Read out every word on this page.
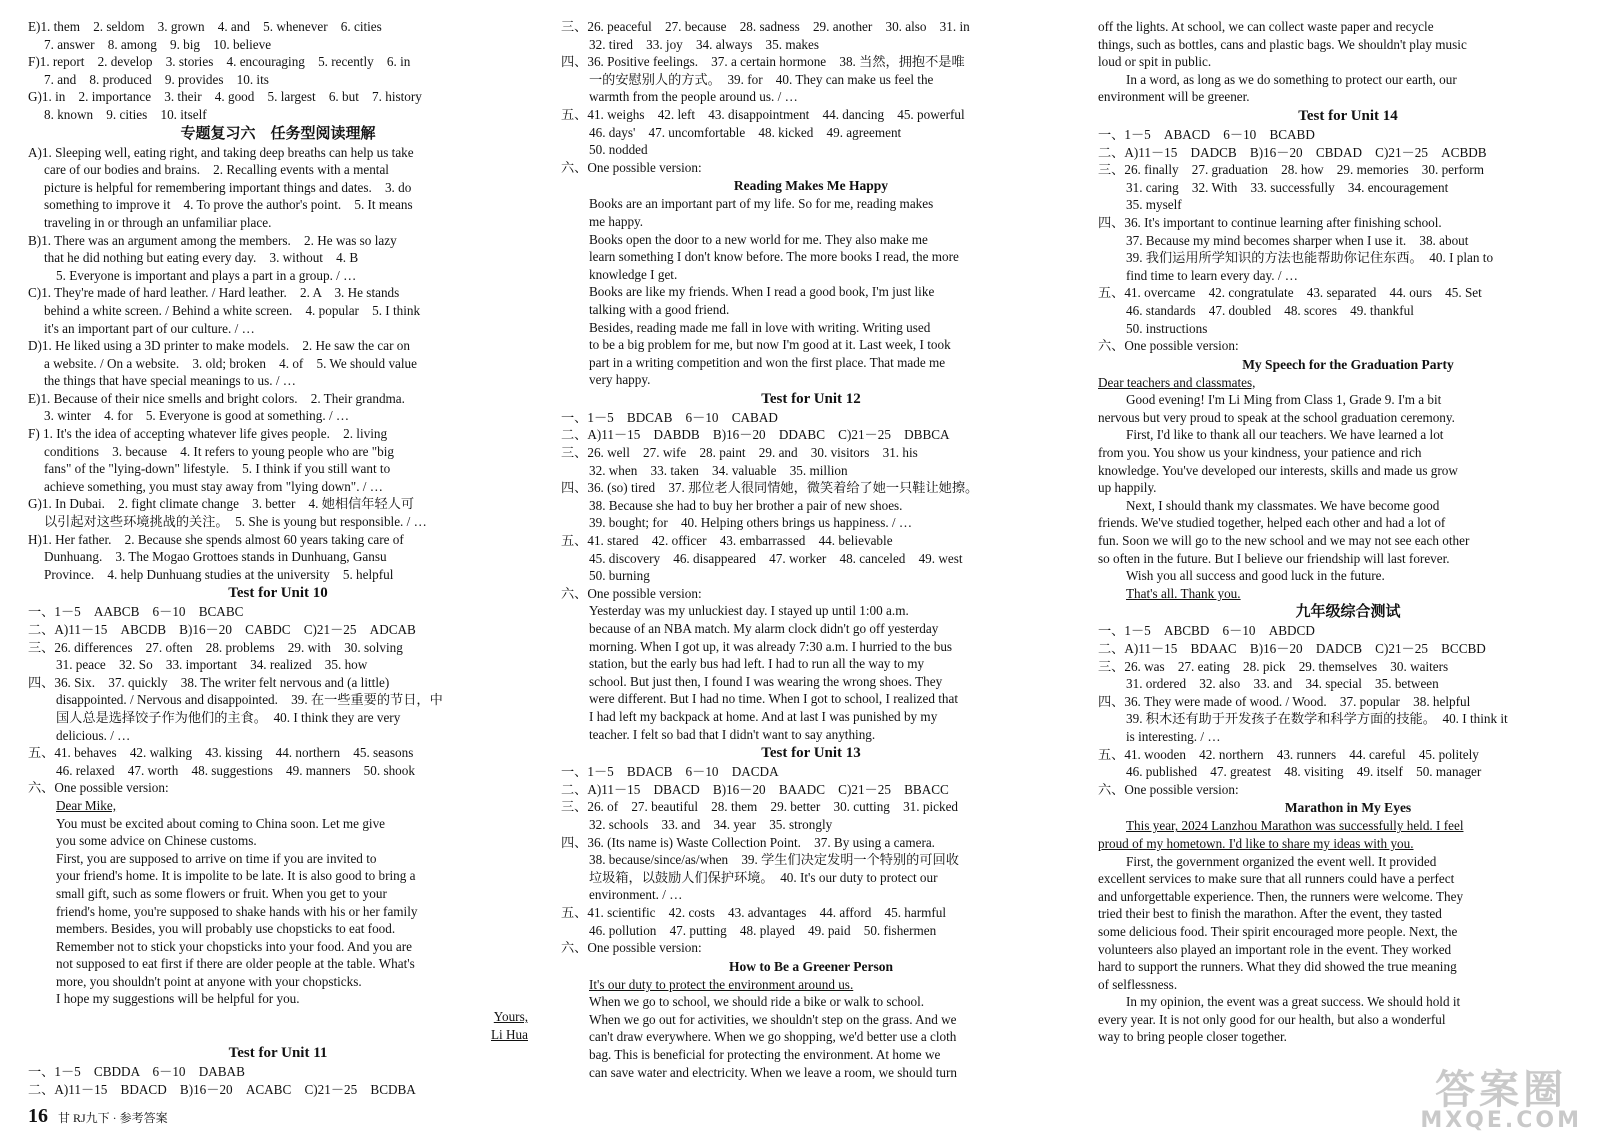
E)1. them　2. seldom　3. grown　4. and　5. whenever　6. cities
7. answer　8. among　9. big　10. believe
F)1. report　2. develop　3. stories　4. encouraging　5. recently　6. in
7. and　8. produced　9. provides　10. its
G)1. in　2. importance　3. their　4. good　5. largest　6. but　7. history
8. known　9. cities　10. itself
专题复习六　任务型阅读理解
A)1. Sleeping well, eating right, and taking deep breaths can help us take
care of our bodies and brains.　2. Recalling events with a mental
picture is helpful for remembering important things and dates.　3. do
something to improve it　4. To prove the author's point.　5. It means
traveling in or through an unfamiliar place.
B)1. There was an argument among the members.　2. He was so lazy
that he did nothing but eating every day.　3. without　4. B
5. Everyone is important and plays a part in a group. / …
C)1. They're made of hard leather. / Hard leather.　2. A　3. He stands
behind a white screen. / Behind a white screen.　4. popular　5. I think
it's an important part of our culture. / …
D)1. He liked using a 3D printer to make models.　2. He saw the car on
a website. / On a website.　3. old; broken　4. of　5. We should value
the things that have special meanings to us. / …
E)1. Because of their nice smells and bright colors.　2. Their grandma.
3. winter　4. for　5. Everyone is good at something. / …
F) 1. It's the idea of accepting whatever life gives people.　2. living
conditions　3. because　4. It refers to young people who are "big
fans" of the "lying-down" lifestyle.　5. I think if you still want to
achieve something, you must stay away from "lying down". / …
G)1. In Dubai.　2. fight climate change　3. better　4. 她相信年轻人可
以引起对这些环境挑战的关注。　5. She is young but responsible. / …
H)1. Her father.　2. Because she spends almost 60 years taking care of
Dunhuang.　3. The Mogao Grottoes stands in Dunhuang, Gansu
Province.　4. help Dunhuang studies at the university　5. helpful
Test for Unit 10
一、1－5　AABCB　6－10　BCABC
二、A)11－15　ABCDB　B)16－20　CABDC　C)21－25　ADCAB
三、26. differences　27. often　28. problems　29. with　30. solving
31. peace　32. So　33. important　34. realized　35. how
四、36. Six.　37. quickly　38. The writer felt nervous and (a little)
disappointed. / Nervous and disappointed.　39. 在一些重要的节日，中
国人总是选择饺子作为他们的主食。　40. I think they are very
delicious. / …
五、41. behaves　42. walking　43. kissing　44. northern　45. seasons
46. relaxed　47. worth　48. suggestions　49. manners　50. shook
六、One possible version:
Dear Mike,
You must be excited about coming to China soon. Let me give
you some advice on Chinese customs.
First, you are supposed to arrive on time if you are invited to
your friend's home. It is impolite to be late. It is also good to bring a
small gift, such as some flowers or fruit. When you get to your
friend's home, you're supposed to shake hands with his or her family
members. Besides, you will probably use chopsticks to eat food.
Remember not to stick your chopsticks into your food. And you are
not supposed to eat first if there are older people at the table. What's
more, you shouldn't point at anyone with your chopsticks.
I hope my suggestions will be helpful for you.
Yours,
Li Hua
Test for Unit 11
一、1－5　CBDDA　6－10　DABAB
二、A)11－15　BDACD　B)16－20　ACABC　C)21－25　BCDBA
三、26. peaceful　27. because　28. sadness　29. another　30. also　31. in
32. tired　33. joy　34. always　35. makes
四、36. Positive feelings.　37. a certain hormone　38. 当然，拥抱不是唯
一的安慰别人的方式。　39. for　40. They can make us feel the
warmth from the people around us. / …
五、41. weighs　42. left　43. disappointment　44. dancing　45. powerful
46. days'　47. uncomfortable　48. kicked　49. agreement
50. nodded
六、One possible version:
Reading Makes Me Happy
Books are an important part of my life. So for me, reading makes
me happy.
Books open the door to a new world for me. They also make me
learn something I don't know before. The more books I read, the more
knowledge I get.
Books are like my friends. When I read a good book, I'm just like
talking with a good friend.
Besides, reading made me fall in love with writing. Writing used
to be a big problem for me, but now I'm good at it. Last week, I took
part in a writing competition and won the first place. That made me
very happy.
Test for Unit 12
一、1－5　BDCAB　6－10　CABAD
二、A)11－15　DABDB　B)16－20　DDABC　C)21－25　DBBCA
三、26. well　27. wife　28. paint　29. and　30. visitors　31. his
32. when　33. taken　34. valuable　35. million
四、36. (so) tired　37. 那位老人很同情她，微笑着给了她一只鞋让她擦。
38. Because she had to buy her brother a pair of new shoes.
39. bought; for　40. Helping others brings us happiness. / …
五、41. stared　42. officer　43. embarrassed　44. believable
45. discovery　46. disappeared　47. worker　48. canceled　49. west
50. burning
六、One possible version:
Yesterday was my unluckiest day. I stayed up until 1:00 a.m.
because of an NBA match. My alarm clock didn't go off yesterday
morning. When I got up, it was already 7:30 a.m. I hurried to the bus
station, but the early bus had left. I had to run all the way to my
school. But just then, I found I was wearing the wrong shoes. They
were different. But I had no time. When I got to school, I realized that
I had left my backpack at home. And at last I was punished by my
teacher. I felt so bad that I didn't want to say anything.
Test for Unit 13
一、1－5　BDACB　6－10　DACDA
二、A)11－15　DBACD　B)16－20　BAADC　C)21－25　BBACC
三、26. of　27. beautiful　28. them　29. better　30. cutting　31. picked
32. schools　33. and　34. year　35. strongly
四、36. (Its name is) Waste Collection Point.　37. By using a camera.
38. because/since/as/when　39. 学生们决定发明一个特别的可回收
垃圾箱，以鼓励人们保护环境。　40. It's our duty to protect our
environment. / …
五、41. scientific　42. costs　43. advantages　44. afford　45. harmful
46. pollution　47. putting　48. played　49. paid　50. fishermen
六、One possible version:
How to Be a Greener Person
It's our duty to protect the environment around us.
When we go to school, we should ride a bike or walk to school.
When we go out for activities, we shouldn't step on the grass. And we
can't draw everywhere. When we go shopping, we'd better use a cloth
bag. This is beneficial for protecting the environment. At home we
can save water and electricity. When we leave a room, we should turn
off the lights. At school, we can collect waste paper and recycle
things, such as bottles, cans and plastic bags. We shouldn't play music
loud or spit in public.
In a word, as long as we do something to protect our earth, our
environment will be greener.
Test for Unit 14
一、1－5　ABACD　6－10　BCABD
二、A)11－15　DADCB　B)16－20　CBDAD　C)21－25　ACBDB
三、26. finally　27. graduation　28. how　29. memories　30. perform
31. caring　32. With　33. successfully　34. encouragement
35. myself
四、36. It's important to continue learning after finishing school.
37. Because my mind becomes sharper when I use it.　38. about
39. 我们运用所学知识的方法也能帮助你记住东西。　40. I plan to
find time to learn every day. / …
五、41. overcame　42. congratulate　43. separated　44. ours　45. Set
46. standards　47. doubled　48. scores　49. thankful
50. instructions
六、One possible version:
My Speech for the Graduation Party
Dear teachers and classmates,
Good evening! I'm Li Ming from Class 1, Grade 9. I'm a bit
nervous but very proud to speak at the school graduation ceremony.
First, I'd like to thank all our teachers. We have learned a lot
from you. You show us your kindness, your patience and rich
knowledge. You've developed our interests, skills and made us grow
up happily.
Next, I should thank my classmates. We have become good
friends. We've studied together, helped each other and had a lot of
fun. Soon we will go to the new school and we may not see each other
so often in the future. But I believe our friendship will last forever.
Wish you all success and good luck in the future.
That's all. Thank you.
九年级综合测试
一、1－5　ABCBD　6－10　ABDCD
二、A)11－15　BDAAC　B)16－20　DADCB　C)21－25　BCCBD
三、26. was　27. eating　28. pick　29. themselves　30. waiters
31. ordered　32. also　33. and　34. special　35. between
四、36. They were made of wood. / Wood.　37. popular　38. helpful
39. 积木还有助于开发孩子在数学和科学方面的技能。　40. I think it
is interesting. / …
五、41. wooden　42. northern　43. runners　44. careful　45. politely
46. published　47. greatest　48. visiting　49. itself　50. manager
六、One possible version:
Marathon in My Eyes
This year, 2024 Lanzhou Marathon was successfully held. I feel
proud of my hometown. I'd like to share my ideas with you.
First, the government organized the event well. It provided
excellent services to make sure that all runners could have a perfect
and unforgettable experience. Then, the runners were welcome. They
tried their best to finish the marathon. After the event, they tasted
some delicious food. Their spirit encouraged more people. Next, the
volunteers also played an important role in the event. They worked
hard to support the runners. What they did showed the true meaning
of selflessness.
In my opinion, the event was a great success. We should hold it
every year. It is not only good for our health, but also a wonderful
way to bring people closer together.
16 甘 RJ九下 · 参考答案
答案圈
MXQE.COM
